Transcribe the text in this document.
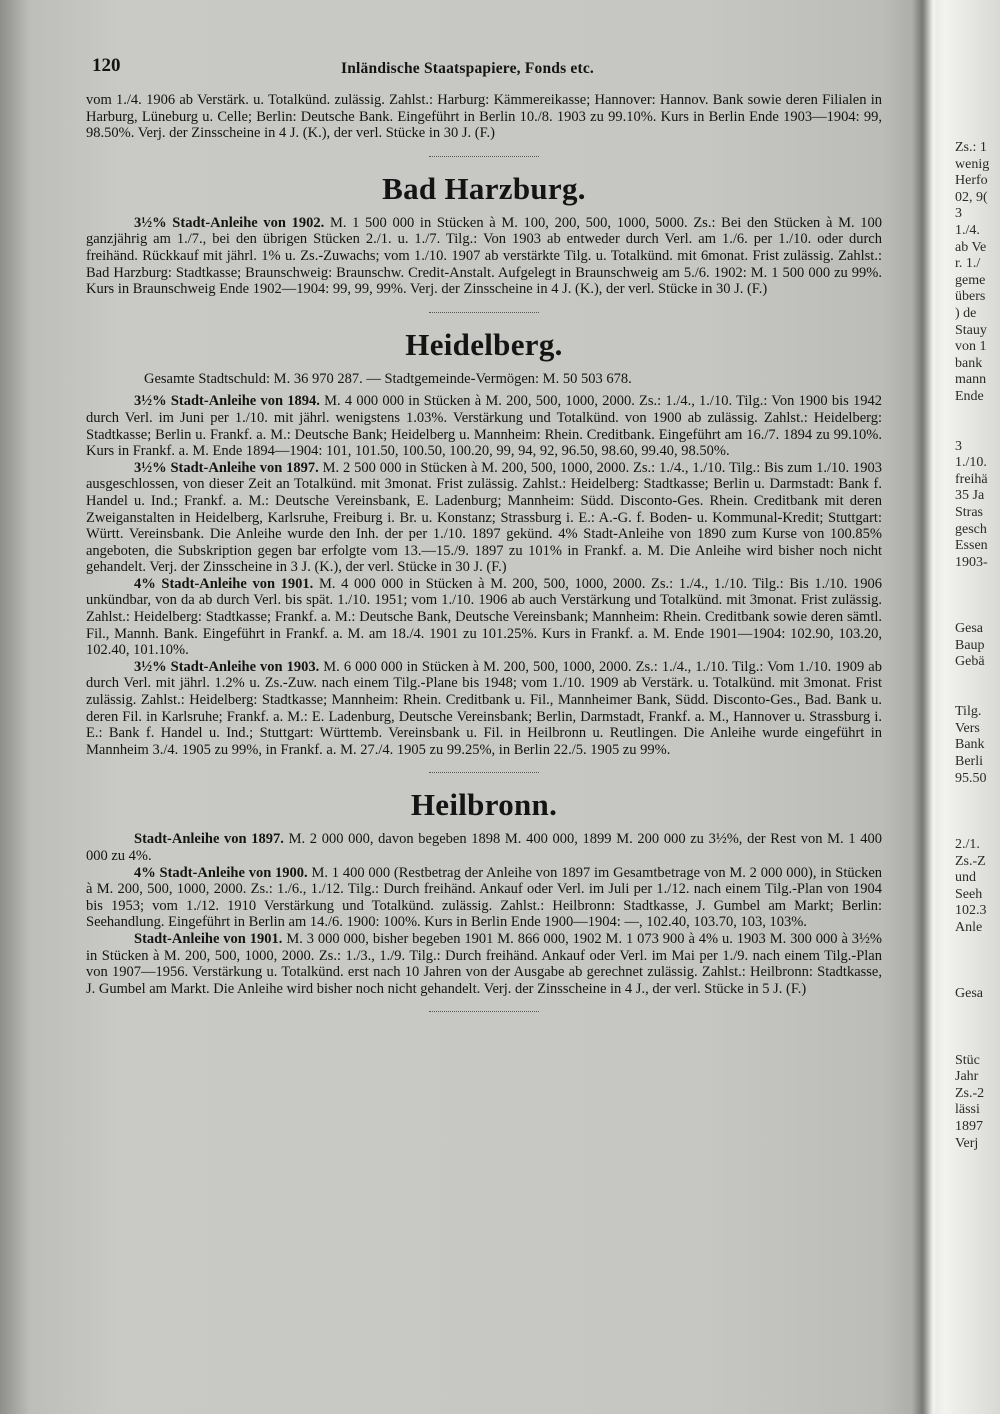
120	Inländische Staatspapiere, Fonds etc.

vom 1./4. 1906 ab Verstärk. u. Totalkünd. zulässig. Zahlst.: Harburg: Kämmereikasse; Hannover: Hannov. Bank sowie deren Filialen in Harburg, Lüneburg u. Celle; Berlin: Deutsche Bank. Eingeführt in Berlin 10./8. 1903 zu 99.10%. Kurs in Berlin Ende 1903—1904: 99, 98.50%. Verj. der Zinsscheine in 4 J. (K.), der verl. Stücke in 30 J. (F.)

Bad Harzburg.

3½% Stadt-Anleihe von 1902. M. 1 500 000 in Stücken à M. 100, 200, 500, 1000, 5000. Zs.: Bei den Stücken à M. 100 ganzjährig am 1./7., bei den übrigen Stücken 2./1. u. 1./7. Tilg.: Von 1903 ab entweder durch Verl. am 1./6. per 1./10. oder durch freihänd. Rückkauf mit jährl. 1% u. Zs.-Zuwachs; vom 1./10. 1907 ab verstärkte Tilg. u. Totalkünd. mit 6monat. Frist zulässig. Zahlst.: Bad Harzburg: Stadtkasse; Braunschweig: Braunschw. Credit-Anstalt. Aufgelegt in Braunschweig am 5./6. 1902: M. 1 500 000 zu 99%. Kurs in Braunschweig Ende 1902—1904: 99, 99, 99%. Verj. der Zinsscheine in 4 J. (K.), der verl. Stücke in 30 J. (F.)

Heidelberg.

Gesamte Stadtschuld: M. 36 970 287. — Stadtgemeinde-Vermögen: M. 50 503 678.

3½% Stadt-Anleihe von 1894. M. 4 000 000 in Stücken à M. 200, 500, 1000, 2000. Zs.: 1./4., 1./10. Tilg.: Von 1900 bis 1942 durch Verl. im Juni per 1./10. mit jährl. wenigstens 1.03%. Verstärkung und Totalkünd. von 1900 ab zulässig. Zahlst.: Heidelberg: Stadtkasse; Berlin u. Frankf. a. M.: Deutsche Bank; Heidelberg u. Mannheim: Rhein. Creditbank. Eingeführt am 16./7. 1894 zu 99.10%. Kurs in Frankf. a. M. Ende 1894—1904: 101, 101.50, 100.50, 100.20, 99, 94, 92, 96.50, 98.60, 99.40, 98.50%.

3½% Stadt-Anleihe von 1897. M. 2 500 000 in Stücken à M. 200, 500, 1000, 2000. Zs.: 1./4., 1./10. Tilg.: Bis zum 1./10. 1903 ausgeschlossen, von dieser Zeit an Totalkünd. mit 3monat. Frist zulässig. Zahlst.: Heidelberg: Stadtkasse; Berlin u. Darmstadt: Bank f. Handel u. Ind.; Frankf. a. M.: Deutsche Vereinsbank, E. Ladenburg; Mannheim: Südd. Disconto-Ges. Rhein. Creditbank mit deren Zweiganstalten in Heidelberg, Karlsruhe, Freiburg i. Br. u. Konstanz; Strassburg i. E.: A.-G. f. Boden- u. Kommunal-Kredit; Stuttgart: Württ. Vereinsbank. Die Anleihe wurde den Inh. der per 1./10. 1897 gekünd. 4% Stadt-Anleihe von 1890 zum Kurse von 100.85% angeboten, die Subskription gegen bar erfolgte vom 13.—15./9. 1897 zu 101% in Frankf. a. M. Die Anleihe wird bisher noch nicht gehandelt. Verj. der Zinsscheine in 3 J. (K.), der verl. Stücke in 30 J. (F.)

4% Stadt-Anleihe von 1901. M. 4 000 000 in Stücken à M. 200, 500, 1000, 2000. Zs.: 1./4., 1./10. Tilg.: Bis 1./10. 1906 unkündbar, von da ab durch Verl. bis spät. 1./10. 1951; vom 1./10. 1906 ab auch Verstärkung und Totalkünd. mit 3monat. Frist zulässig. Zahlst.: Heidelberg: Stadtkasse; Frankf. a. M.: Deutsche Bank, Deutsche Vereinsbank; Mannheim: Rhein. Creditbank sowie deren sämtl. Fil., Mannh. Bank. Eingeführt in Frankf. a. M. am 18./4. 1901 zu 101.25%. Kurs in Frankf. a. M. Ende 1901—1904: 102.90, 103.20, 102.40, 101.10%.

3½% Stadt-Anleihe von 1903. M. 6 000 000 in Stücken à M. 200, 500, 1000, 2000. Zs.: 1./4., 1./10. Tilg.: Vom 1./10. 1909 ab durch Verl. mit jährl. 1.2% u. Zs.-Zuw. nach einem Tilg.-Plane bis 1948; vom 1./10. 1909 ab Verstärk. u. Totalkünd. mit 3monat. Frist zulässig. Zahlst.: Heidelberg: Stadtkasse; Mannheim: Rhein. Creditbank u. Fil., Mannheimer Bank, Südd. Disconto-Ges., Bad. Bank u. deren Fil. in Karlsruhe; Frankf. a. M.: E. Ladenburg, Deutsche Vereinsbank; Berlin, Darmstadt, Frankf. a. M., Hannover u. Strassburg i. E.: Bank f. Handel u. Ind.; Stuttgart: Württemb. Vereinsbank u. Fil. in Heilbronn u. Reutlingen. Die Anleihe wurde eingeführt in Mannheim 3./4. 1905 zu 99%, in Frankf. a. M. 27./4. 1905 zu 99.25%, in Berlin 22./5. 1905 zu 99%.

Heilbronn.

Stadt-Anleihe von 1897. M. 2 000 000, davon begeben 1898 M. 400 000, 1899 M. 200 000 zu 3½%, der Rest von M. 1 400 000 zu 4%.

4% Stadt-Anleihe von 1900. M. 1 400 000 (Restbetrag der Anleihe von 1897 im Gesamtbetrage von M. 2 000 000), in Stücken à M. 200, 500, 1000, 2000. Zs.: 1./6., 1./12. Tilg.: Durch freihänd. Ankauf oder Verl. im Juli per 1./12. nach einem Tilg.-Plan von 1904 bis 1953; vom 1./12. 1910 Verstärkung und Totalkünd. zulässig. Zahlst.: Heilbronn: Stadtkasse, J. Gumbel am Markt; Berlin: Seehandlung. Eingeführt in Berlin am 14./6. 1900: 100%. Kurs in Berlin Ende 1900—1904: —, 102.40, 103.70, 103, 103%.

Stadt-Anleihe von 1901. M. 3 000 000, bisher begeben 1901 M. 866 000, 1902 M. 1 073 900 à 4% u. 1903 M. 300 000 à 3½% in Stücken à M. 200, 500, 1000, 2000. Zs.: 1./3., 1./9. Tilg.: Durch freihänd. Ankauf oder Verl. im Mai per 1./9. nach einem Tilg.-Plan von 1907—1956. Verstärkung u. Totalkünd. erst nach 10 Jahren von der Ausgabe ab gerechnet zulässig. Zahlst.: Heilbronn: Stadtkasse, J. Gumbel am Markt. Die Anleihe wird bisher noch nicht gehandelt. Verj. der Zinsscheine in 4 J., der verl. Stücke in 5 J. (F.)

Zs.: 1
wenig
Herfo
02, 9(
3
1./4.
ab Ve
r. 1./
geme
übers
) de
Stauy
von 1
bank
mann
Ende
3
1./10.
freihä
35 Ja
Stras
gesch
Essen
1903-
Gesa
Baup
Gebä
Tilg.
Vers
Bank
Berli
95.50
2./1.
Zs.-Z
und
Seeh
102.3
Anle
Gesa
Stüc
Jahr
Zs.-2
lässi
1897
Verj
